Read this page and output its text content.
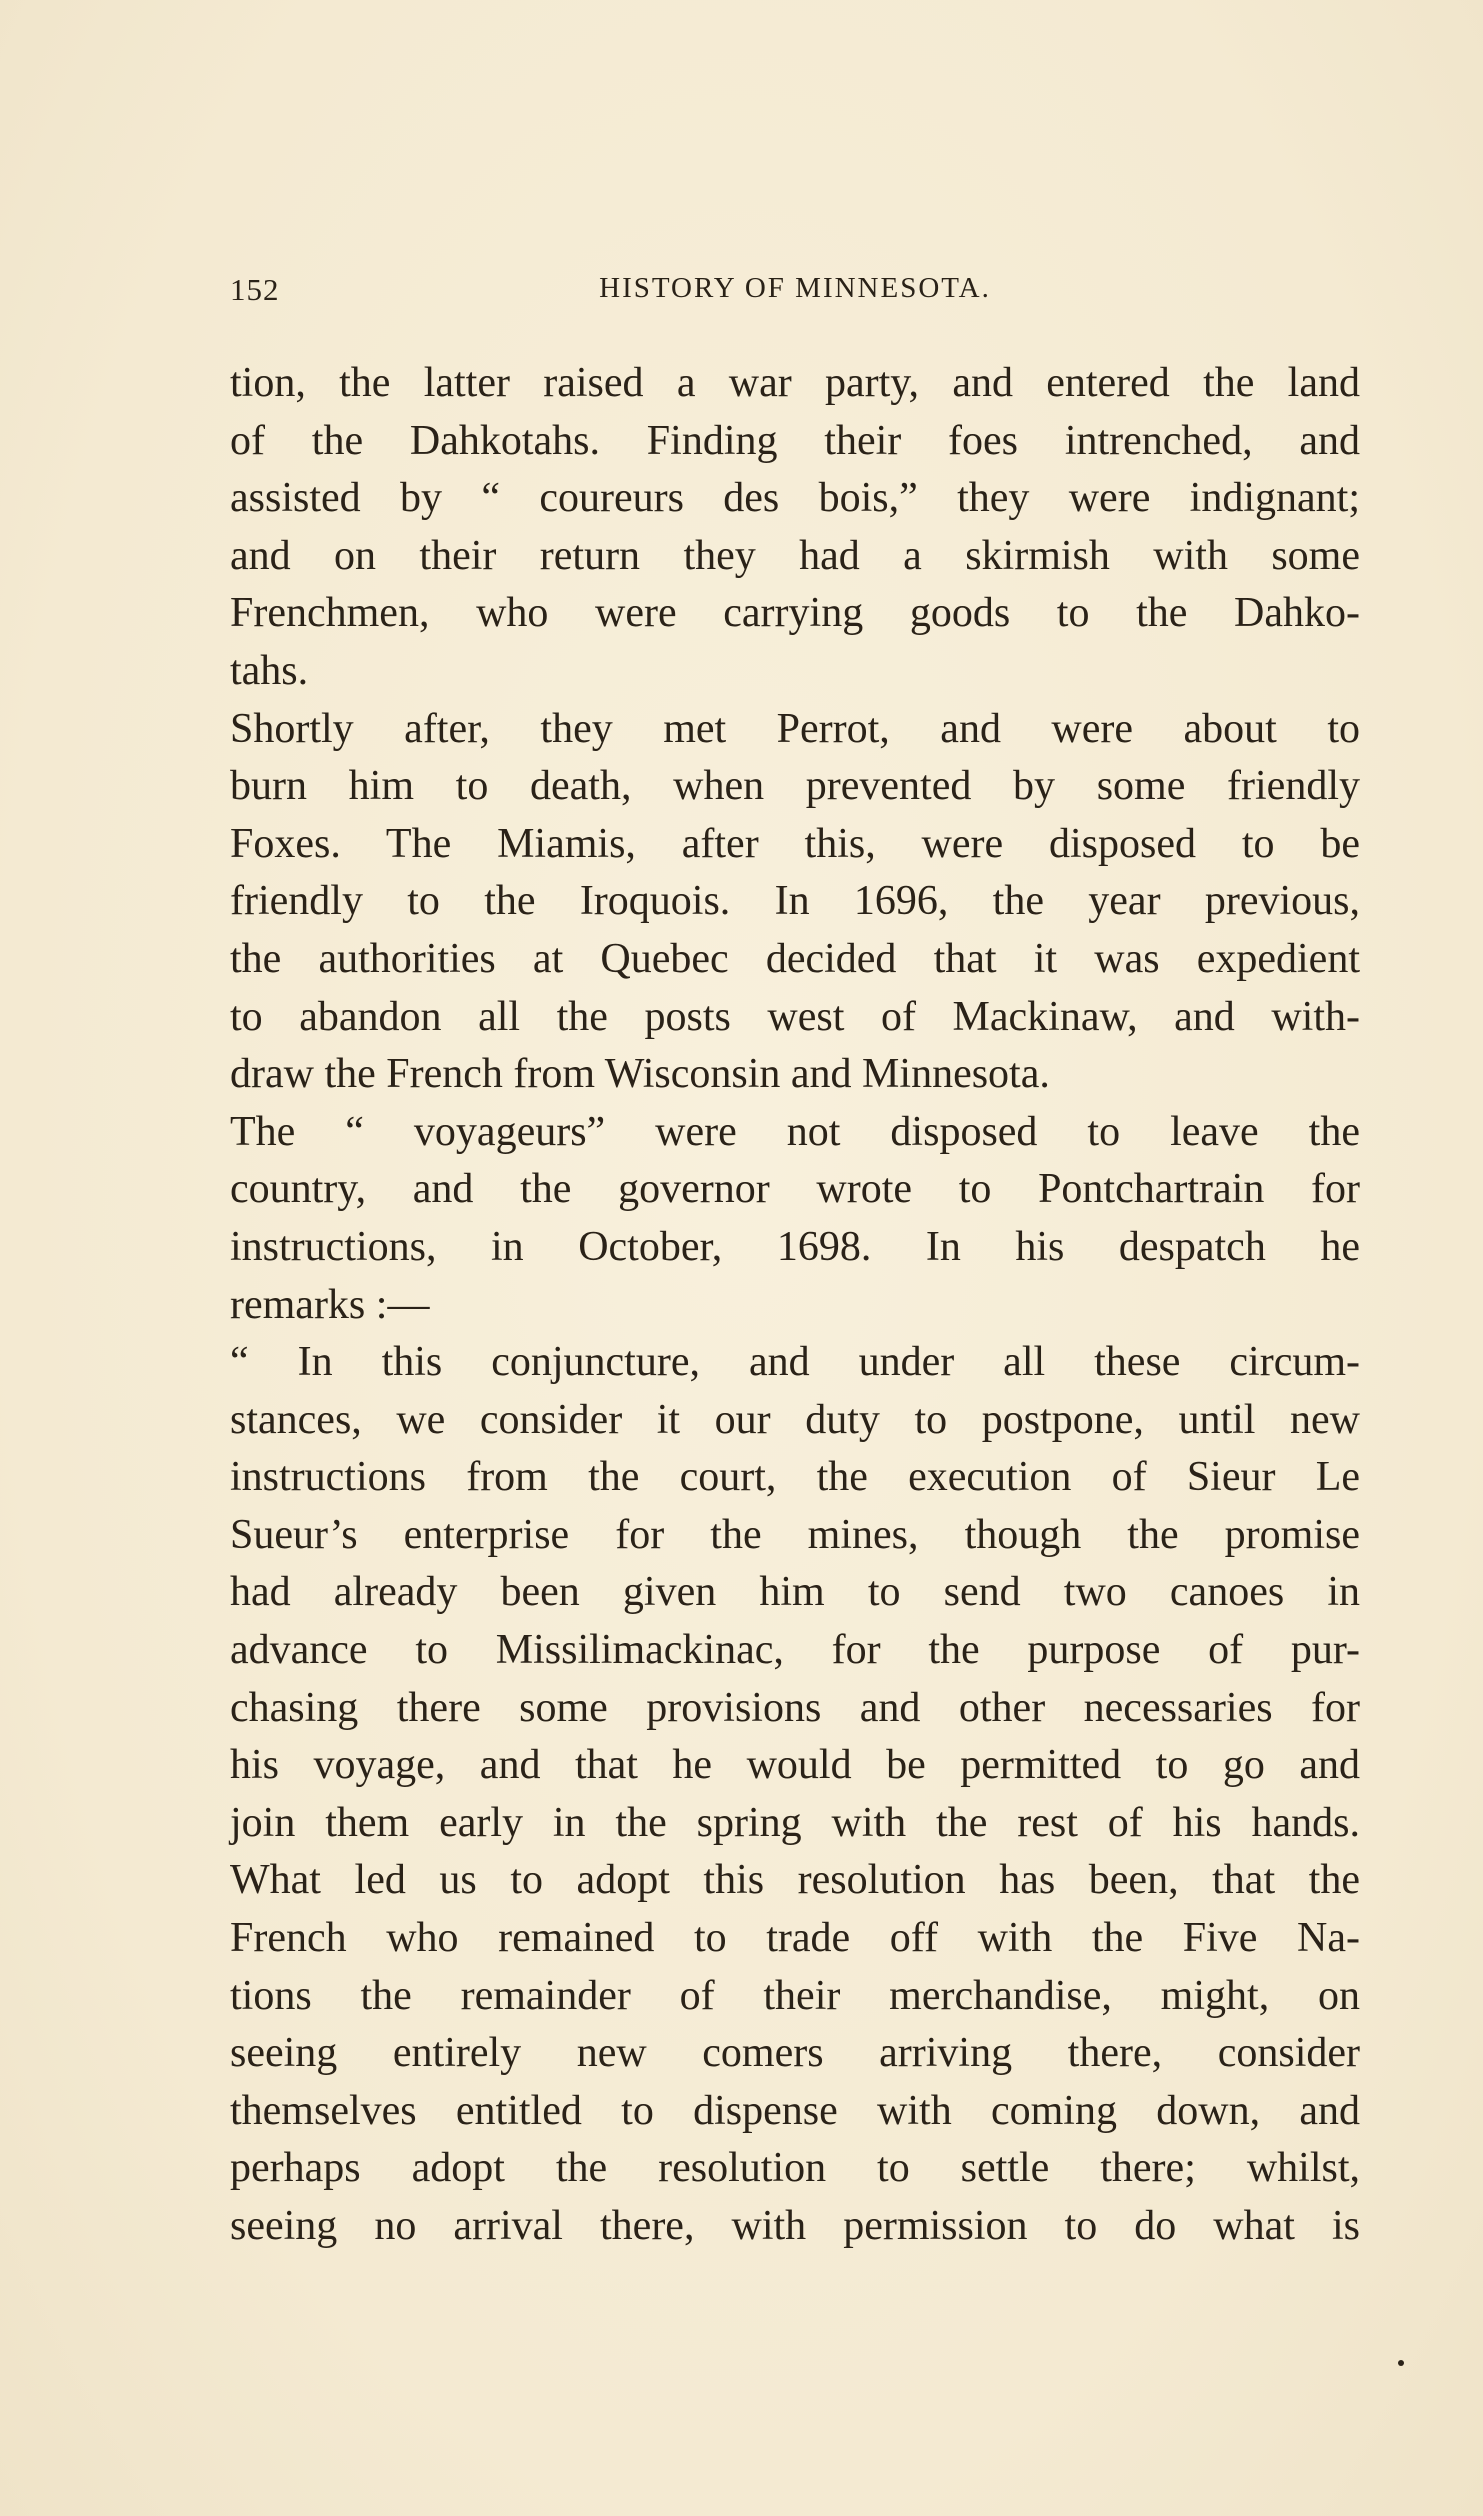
152	HISTORY OF MINNESOTA.
tion, the latter raised a war party, and entered the land
of the Dahkotahs. Finding their foes intrenched, and
assisted by “ coureurs des bois,” they were indignant;
and on their return they had a skirmish with some
Frenchmen, who were carrying goods to the Dahko-
tahs.
Shortly after, they met Perrot, and were about to
burn him to death, when prevented by some friendly
Foxes. The Miamis, after this, were disposed to be
friendly to the Iroquois. In 1696, the year previous,
the authorities at Quebec decided that it was expedient
to abandon all the posts west of Mackinaw, and with-
draw the French from Wisconsin and Minnesota.
The “ voyageurs” were not disposed to leave the
country, and the governor wrote to Pontchartrain for
instructions, in October, 1698. In his despatch he
remarks :—
“ In this conjuncture, and under all these circum-
stances, we consider it our duty to postpone, until new
instructions from the court, the execution of Sieur Le
Sueur’s enterprise for the mines, though the promise
had already been given him to send two canoes in
advance to Missilimackinac, for the purpose of pur-
chasing there some provisions and other necessaries for
his voyage, and that he would be permitted to go and
join them early in the spring with the rest of his hands.
What led us to adopt this resolution has been, that the
French who remained to trade off with the Five Na-
tions the remainder of their merchandise, might, on
seeing entirely new comers arriving there, consider
themselves entitled to dispense with coming down, and
perhaps adopt the resolution to settle there; whilst,
seeing no arrival there, with permission to do what is
